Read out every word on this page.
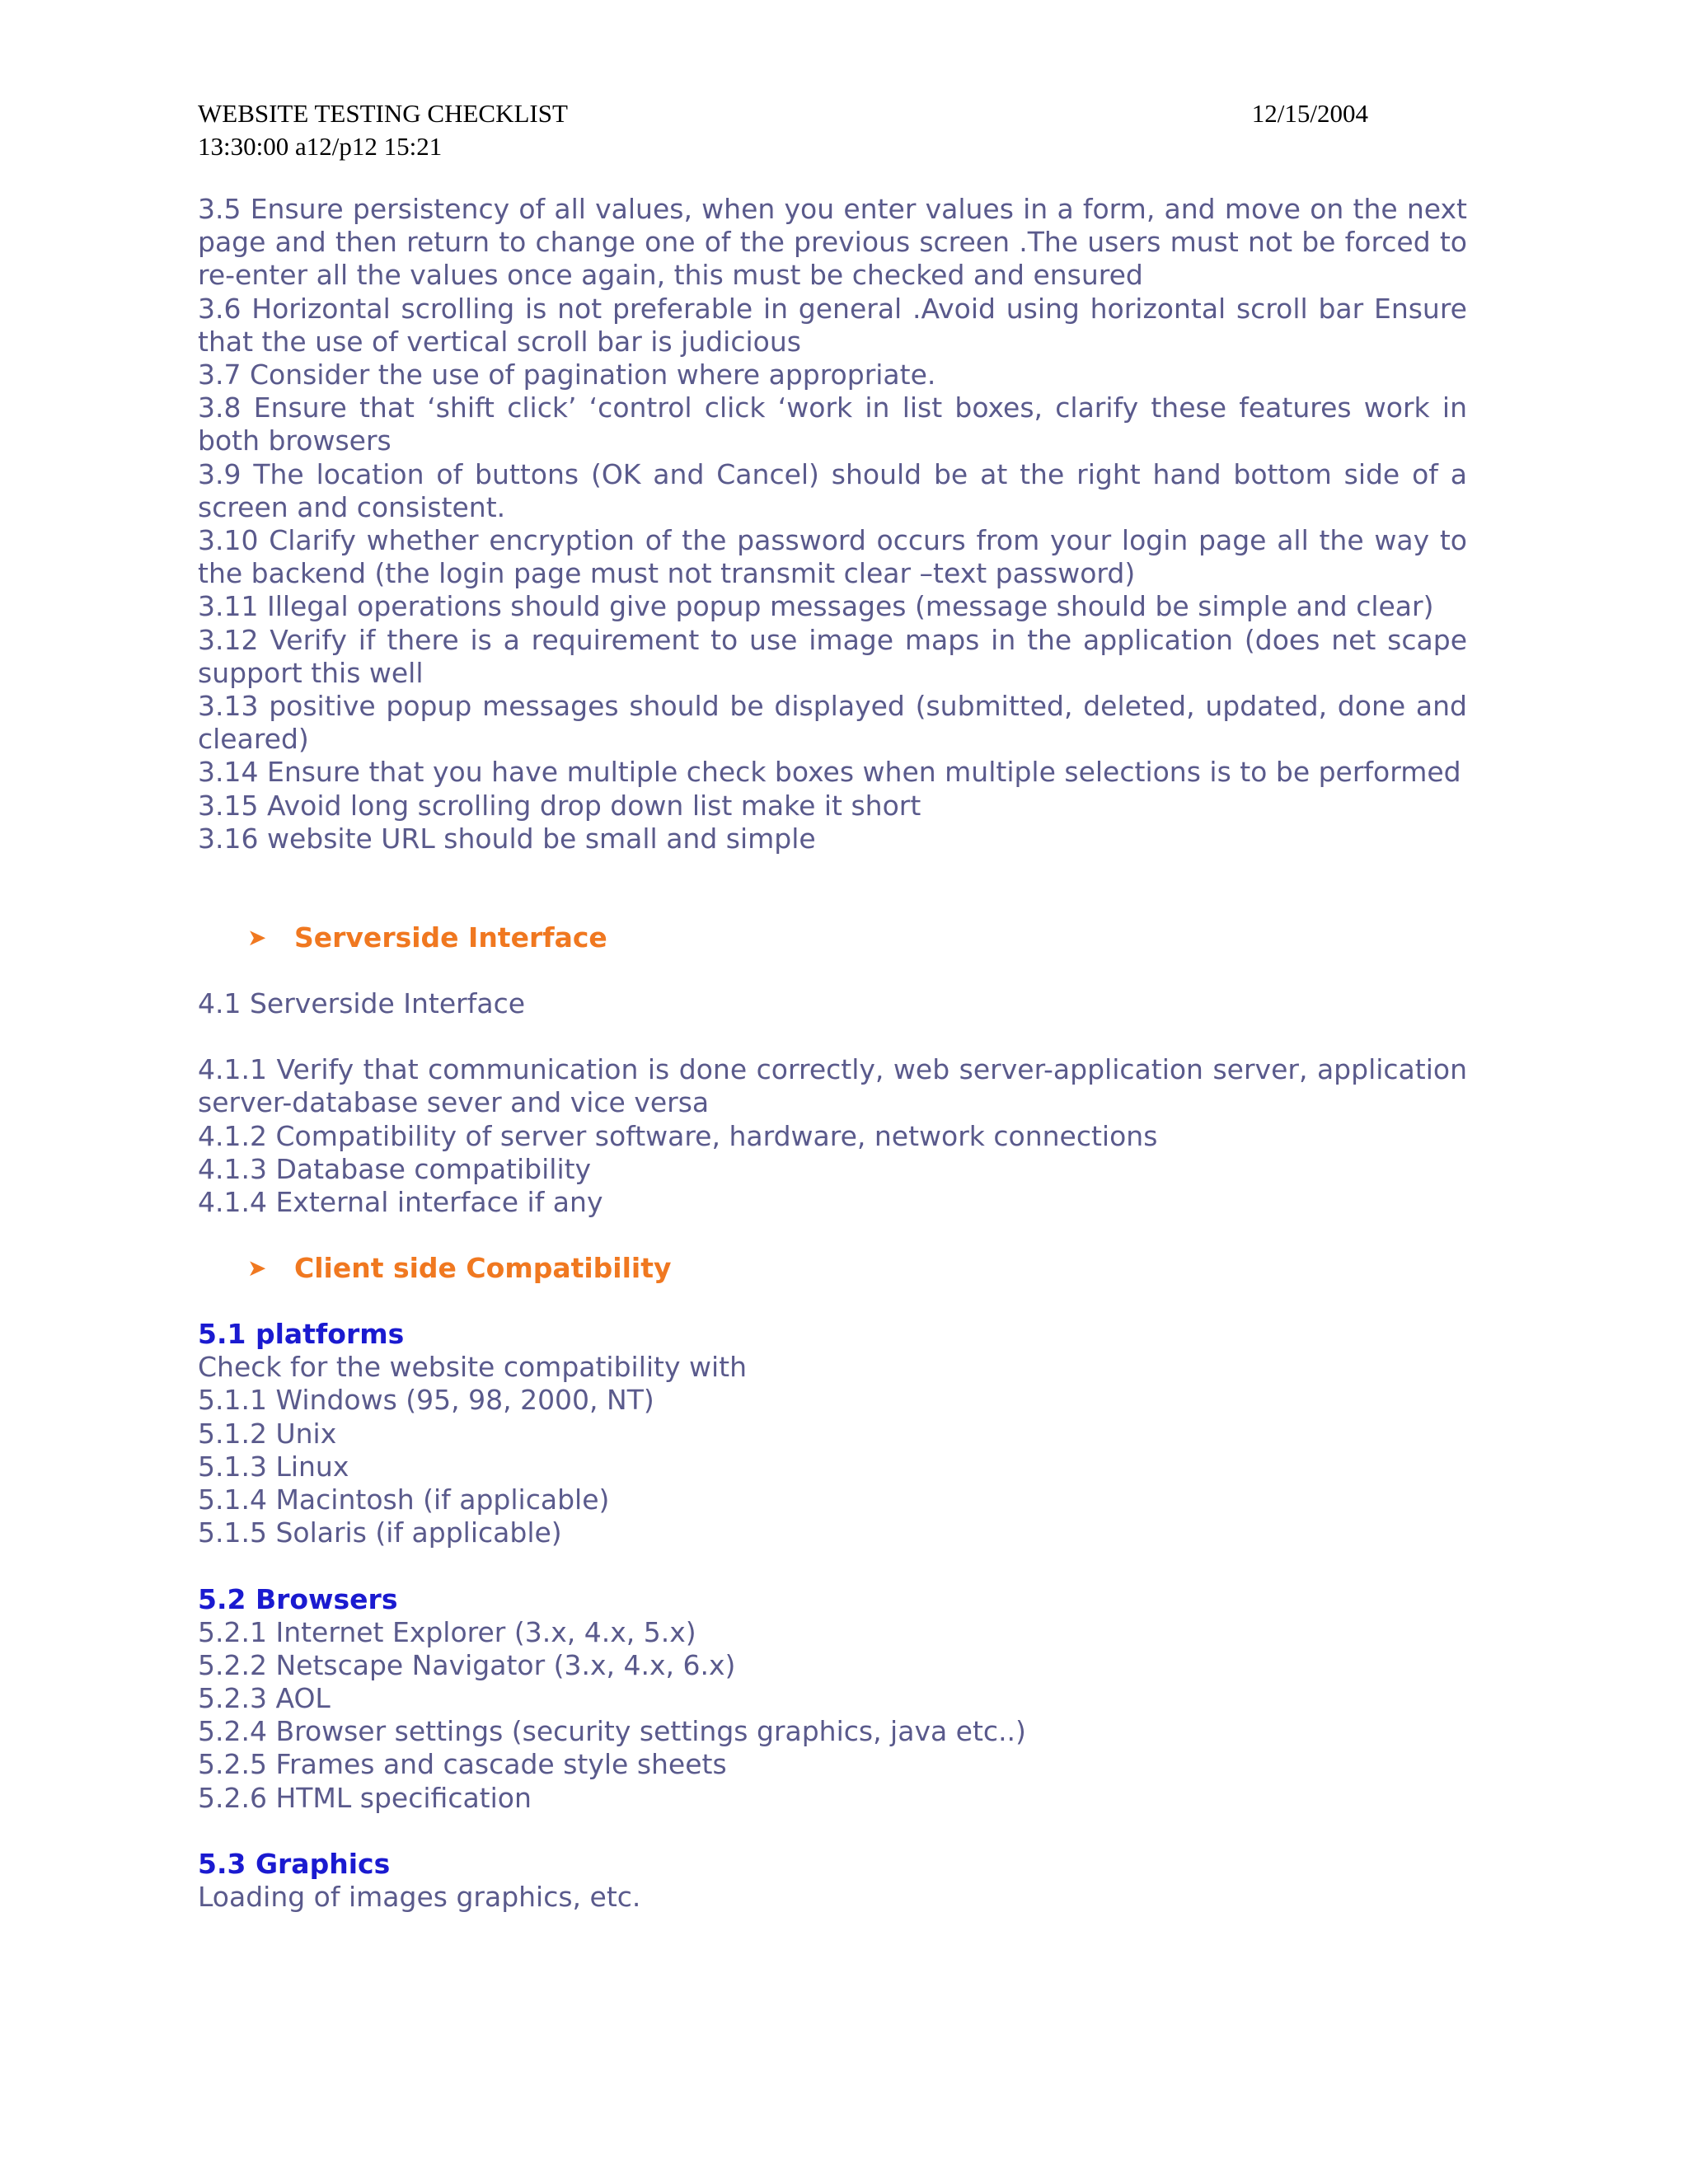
WEBSITE TESTING CHECKLIST	12/15/2004
13:30:00 a12/p12 15:21

3.5 Ensure persistency of all values, when you enter values in a form, and move on the next page and then return to change one of the previous screen .The users must not be forced to re-enter all the values once again, this must be checked and ensured

3.6 Horizontal scrolling is not preferable in general .Avoid using horizontal scroll bar Ensure that the use of vertical scroll bar is judicious

3.7 Consider the use of pagination where appropriate.

3.8 Ensure that ‘shift click’ ‘control click ‘work in list boxes, clarify these features work in both browsers

3.9 The location of buttons (OK and Cancel) should be at the right hand bottom side of a screen and consistent.

3.10 Clarify whether encryption of the password occurs from your login page all the way to the backend (the login page must not transmit clear –text password)

3.11 Illegal operations should give popup messages (message should be simple and clear)

3.12 Verify if there is a requirement to use image maps in the application (does net scape support this well

3.13 positive popup messages should be displayed (submitted, deleted, updated, done and cleared)

3.14 Ensure that you have multiple check boxes when multiple selections is to be performed

3.15 Avoid long scrolling drop down list make it short

3.16 website URL should be small and simple

➤ Serverside Interface

4.1 Serverside Interface

4.1.1 Verify that communication is done correctly, web server-application server, application server-database sever and vice versa

4.1.2 Compatibility of server software, hardware, network connections

4.1.3 Database compatibility

4.1.4 External interface if any

➤ Client side Compatibility

5.1 platforms

Check for the website compatibility with

5.1.1 Windows (95, 98, 2000, NT)

5.1.2 Unix

5.1.3 Linux

5.1.4 Macintosh (if applicable)

5.1.5 Solaris (if applicable)

5.2 Browsers

5.2.1 Internet Explorer (3.x, 4.x, 5.x)

5.2.2 Netscape Navigator (3.x, 4.x, 6.x)

5.2.3 AOL

5.2.4 Browser settings (security settings graphics, java etc..)

5.2.5 Frames and cascade style sheets

5.2.6 HTML specification

5.3 Graphics

Loading of images graphics, etc.
